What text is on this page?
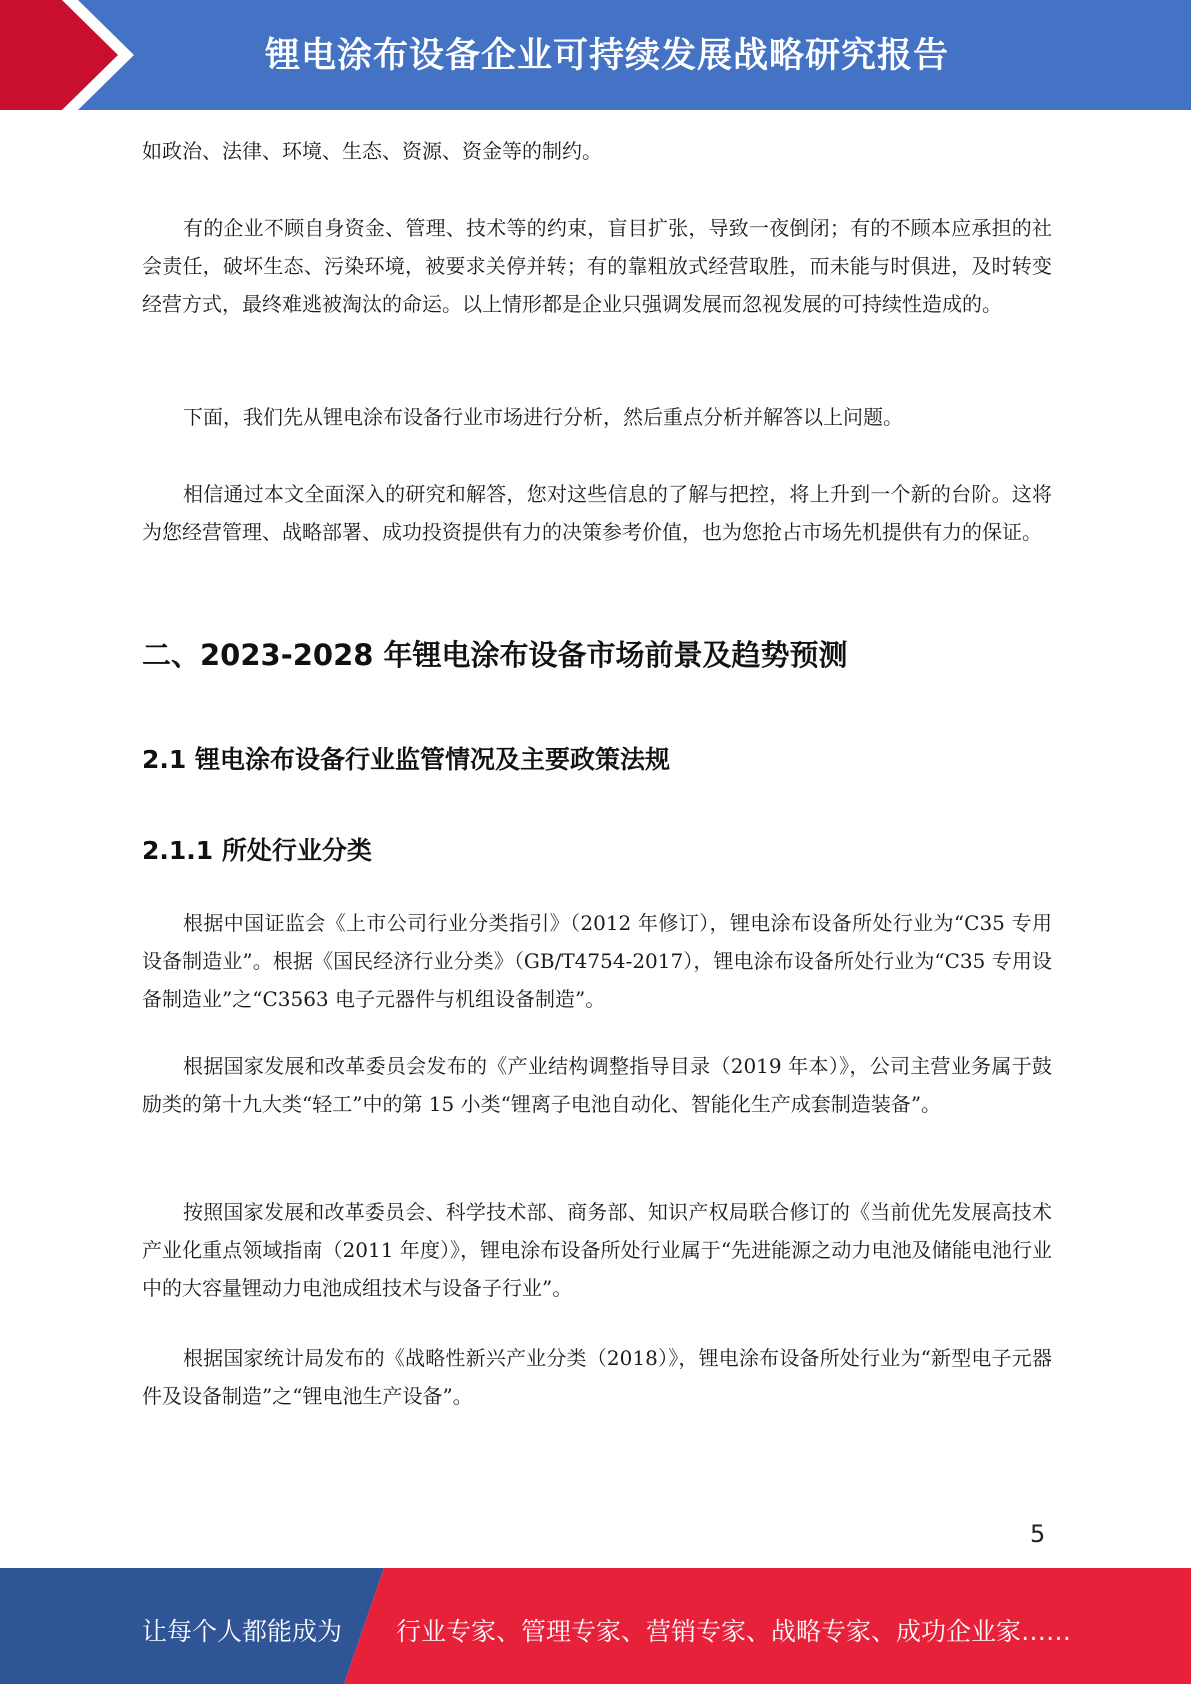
锂电涂布设备企业可持续发展战略研究报告

如政治、法律、环境、生态、资源、资金等的制约。

有的企业不顾自身资金、管理、技术等的约束，盲目扩张，导致一夜倒闭；有的不顾本应承担的社会责任，破坏生态、污染环境，被要求关停并转；有的靠粗放式经营取胜，而未能与时俱进，及时转变经营方式，最终难逃被淘汰的命运。以上情形都是企业只强调发展而忽视发展的可持续性造成的。

下面，我们先从锂电涂布设备行业市场进行分析，然后重点分析并解答以上问题。

相信通过本文全面深入的研究和解答，您对这些信息的了解与把控，将上升到一个新的台阶。这将为您经营管理、战略部署、成功投资提供有力的决策参考价值，也为您抢占市场先机提供有力的保证。

二、2023-2028 年锂电涂布设备市场前景及趋势预测
2.1 锂电涂布设备行业监管情况及主要政策法规
2.1.1 所处行业分类

根据中国证监会《上市公司行业分类指引》（2012 年修订），锂电涂布设备所处行业为“C35 专用设备制造业”。根据《国民经济行业分类》（GB/T4754-2017），锂电涂布设备所处行业为“C35 专用设备制造业”之“C3563 电子元器件与机组设备制造”。

根据国家发展和改革委员会发布的《产业结构调整指导目录（2019 年本）》，公司主营业务属于鼓励类的第十九大类“轻工”中的第 15 小类“锂离子电池自动化、智能化生产成套制造装备”。

按照国家发展和改革委员会、科学技术部、商务部、知识产权局联合修订的《当前优先发展高技术产业化重点领域指南（2011 年度）》，锂电涂布设备所处行业属于“先进能源之动力电池及储能电池行业中的大容量锂动力电池成组技术与设备子行业”。

根据国家统计局发布的《战略性新兴产业分类（2018）》，锂电涂布设备所处行业为“新型电子元器件及设备制造”之“锂电池生产设备”。

5
让每个人都能成为 行业专家、管理专家、营销专家、战略专家、成功企业家……
